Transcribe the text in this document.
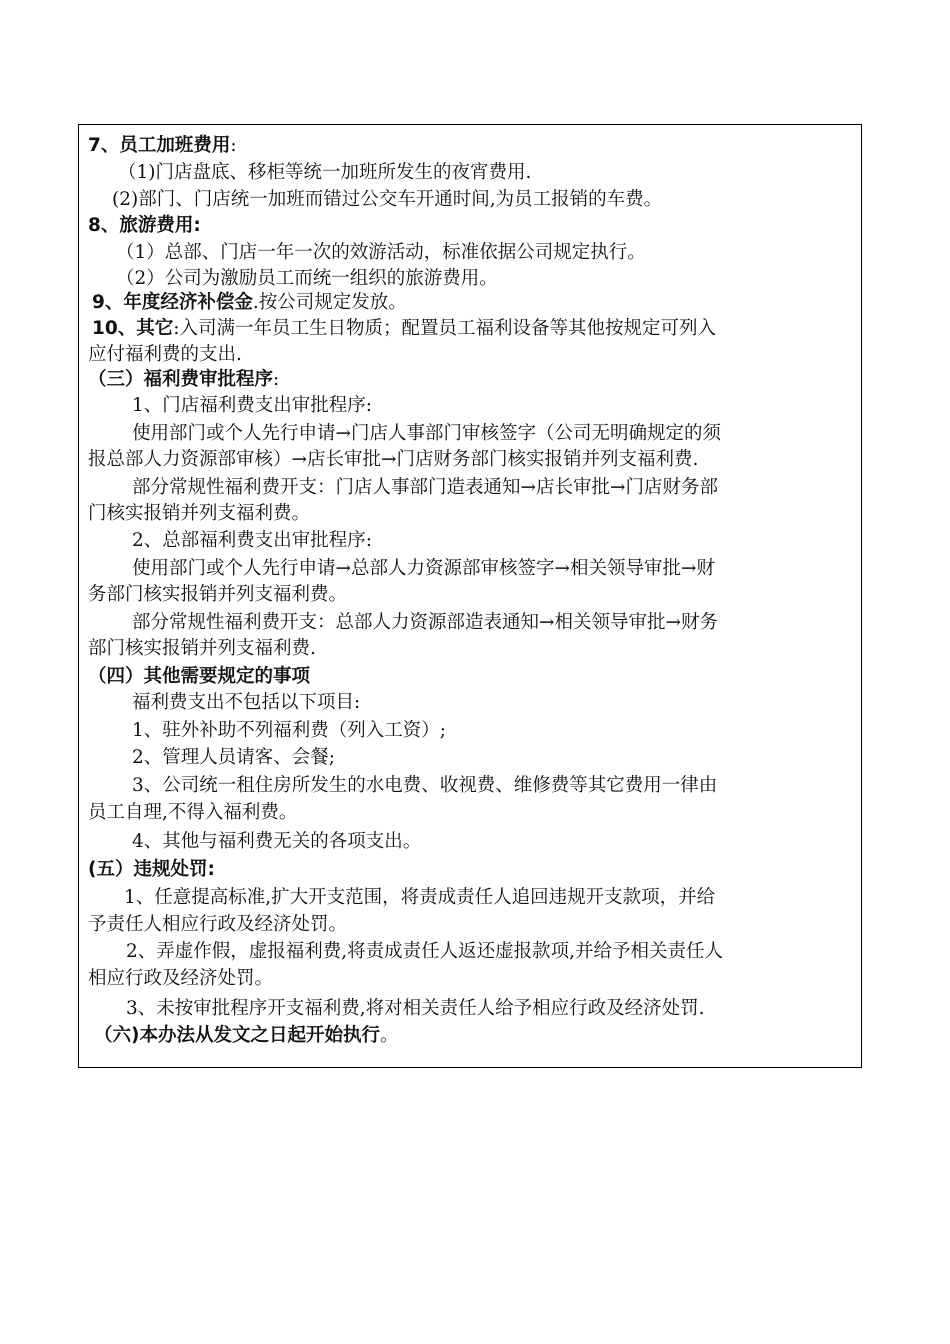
7、员工加班费用:
（1)门店盘底、移柜等统一加班所发生的夜宵费用.
(2)部门、门店统一加班而错过公交车开通时间,为员工报销的车费。
8、旅游费用:
（1）总部、门店一年一次的效游活动，标准依据公司规定执行。
（2）公司为激励员工而统一组织的旅游费用。
9、年度经济补偿金.按公司规定发放。
10、其它:入司满一年员工生日物质；配置员工福利设备等其他按规定可列入
应付福利费的支出.
（三）福利费审批程序:
1、门店福利费支出审批程序:
使用部门或个人先行申请→门店人事部门审核签字（公司无明确规定的须
报总部人力资源部审核）→店长审批→门店财务部门核实报销并列支福利费.
部分常规性福利费开支：门店人事部门造表通知→店长审批→门店财务部
门核实报销并列支福利费。
2、总部福利费支出审批程序:
使用部门或个人先行申请→总部人力资源部审核签字→相关领导审批→财
务部门核实报销并列支福利费。
部分常规性福利费开支：总部人力资源部造表通知→相关领导审批→财务
部门核实报销并列支福利费.
（四）其他需要规定的事项
福利费支出不包括以下项目:
1、驻外补助不列福利费（列入工资）;
2、管理人员请客、会餐;
3、公司统一租住房所发生的水电费、收视费、维修费等其它费用一律由
员工自理,不得入福利费。
4、其他与福利费无关的各项支出。
(五）违规处罚:
1、任意提高标准,扩大开支范围，将责成责任人追回违规开支款项，并给
予责任人相应行政及经济处罚。
2、弄虚作假，虚报福利费,将责成责任人返还虚报款项,并给予相关责任人
相应行政及经济处罚。
3、未按审批程序开支福利费,将对相关责任人给予相应行政及经济处罚.
（六)本办法从发文之日起开始执行。
